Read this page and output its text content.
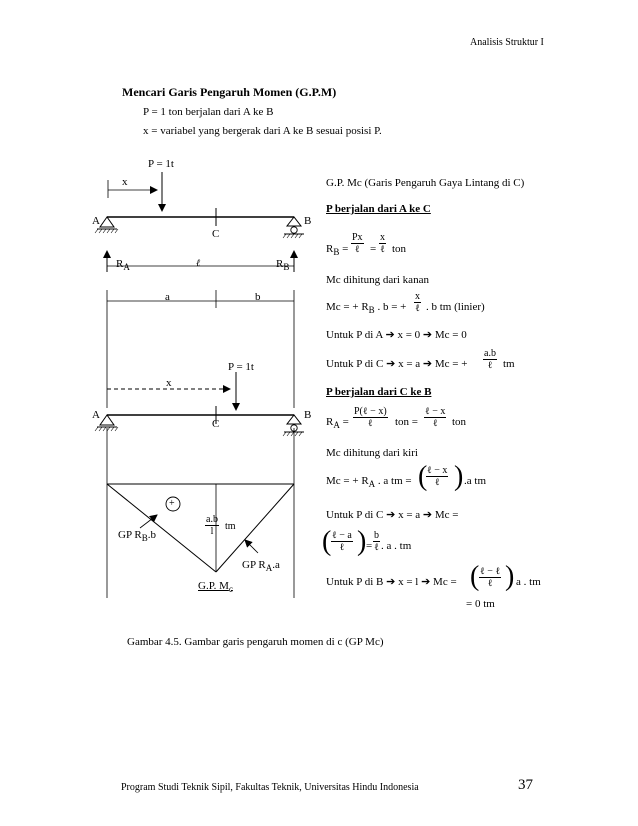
Analisis Struktur I
Mencari Garis Pengaruh Momen (G.P.M)
P = 1 ton berjalan dari A ke B
x = variabel yang bergerak dari A ke B sesuai posisi P.
P = 1t
x
A	B
C
$R_A$	ℓ	$R_B$
a	b
P = 1t
x
A	B
C
+
$\frac{a.b}{l}$ tm
GP $R_B.b$
GP $R_A.a$
G.P. $M_c$
G.P. Mc (Garis Pengaruh Gaya Lintang di C)
P berjalan dari A ke C
$R_B$ =
Px
ℓ =
x
ℓ ton
Mc dihitung dari kanan
Mc = + $R_B$ . b = +
x
ℓ . b tm (linier)
Untuk P di A ➔ x = 0 ➔ Mc = 0
Untuk P di C ➔ x = a ➔ Mc = +
a.b
ℓ tm
P berjalan dari C ke B
$R_A$ =
P(ℓ − x)
ℓ	ton =
ℓ − x
ℓ	ton
Mc dihitung dari kiri
Mc = + $R_A$ . a tm = ( ℓ − x
ℓ ) .a tm
Untuk P di C ➔ x = a ➔ Mc =
( ℓ − a
ℓ ) =
b
ℓ . a . tm
Untuk P di B ➔ x = l ➔ Mc = ( ℓ − ℓ
ℓ ) a . tm
= 0 tm
Gambar 4.5. Gambar garis pengaruh momen di c (GP Mc)
Program Studi Teknik Sipil, Fakultas Teknik, Universitas Hindu Indonesia	37
